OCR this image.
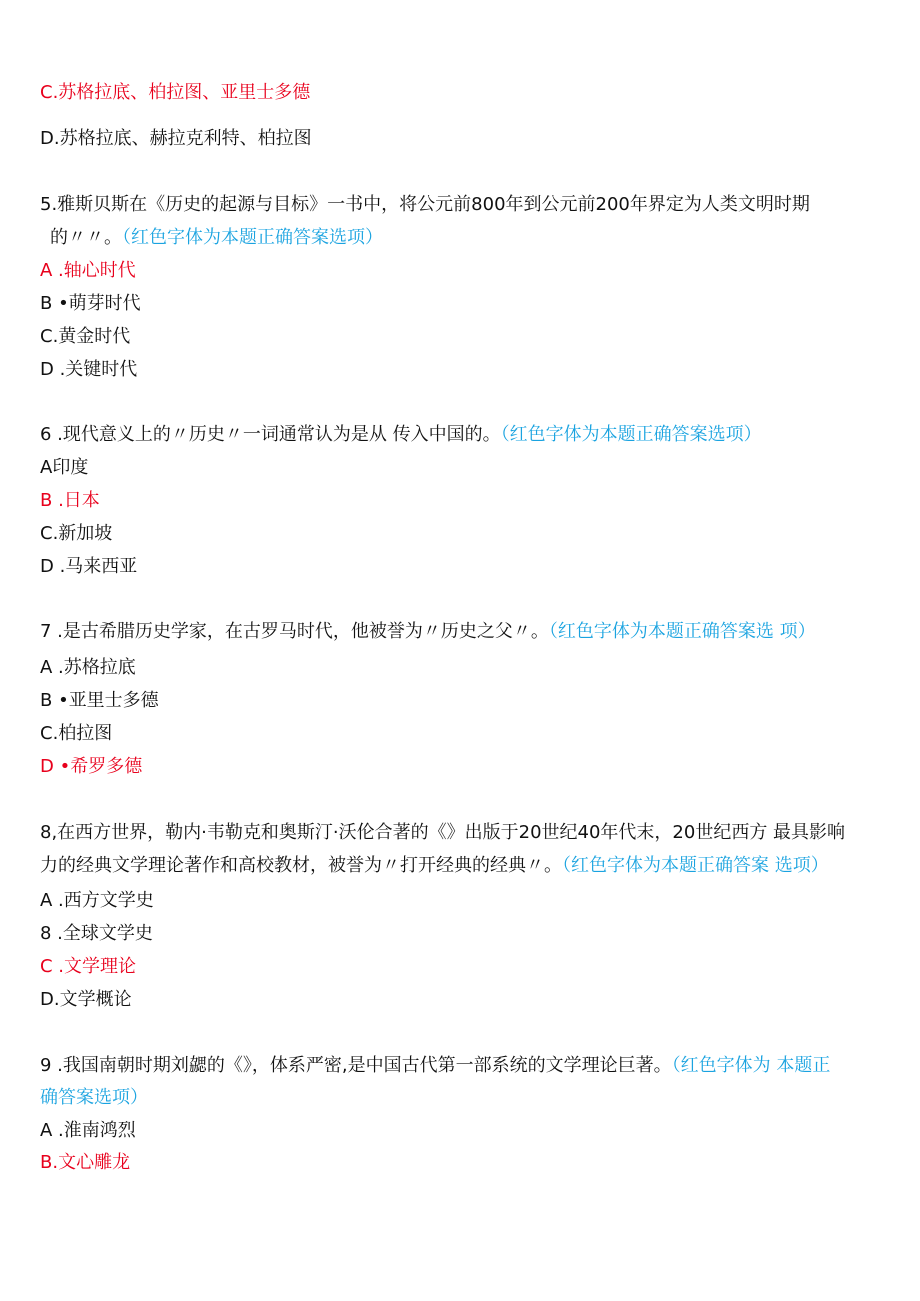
C.苏格拉底、柏拉图、亚里士多德
D.苏格拉底、赫拉克利特、柏拉图
5.雅斯贝斯在《历史的起源与目标》一书中，将公元前800年到公元前200年界定为人类文明时期
的〃〃。（红色字体为本题正确答案选项）
A .轴心时代
B •萌芽时代
C.黄金时代
D .关键时代
6 .现代意义上的〃历史〃一词通常认为是从 传入中国的。（红色字体为本题正确答案选项）
A印度
B .日本
C.新加坡
D .马来西亚
7 .是古希腊历史学家，在古罗马时代，他被誉为〃历史之父〃。（红色字体为本题正确答案选 项）
A .苏格拉底
B •亚里士多德
C.柏拉图
D •希罗多德
8,在西方世界，勒内·韦勒克和奥斯汀·沃伦合著的《》出版于20世纪40年代末，20世纪西方 最具影响
力的经典文学理论著作和高校教材，被誉为〃打开经典的经典〃。（红色字体为本题正确答案 选项）
A .西方文学史
8 .全球文学史
C .文学理论
D.文学概论
9 .我国南朝时期刘勰的《》，体系严密,是中国古代第一部系统的文学理论巨著。（红色字体为 本题正
确答案选项）
A .淮南鸿烈
B.文心雕龙
